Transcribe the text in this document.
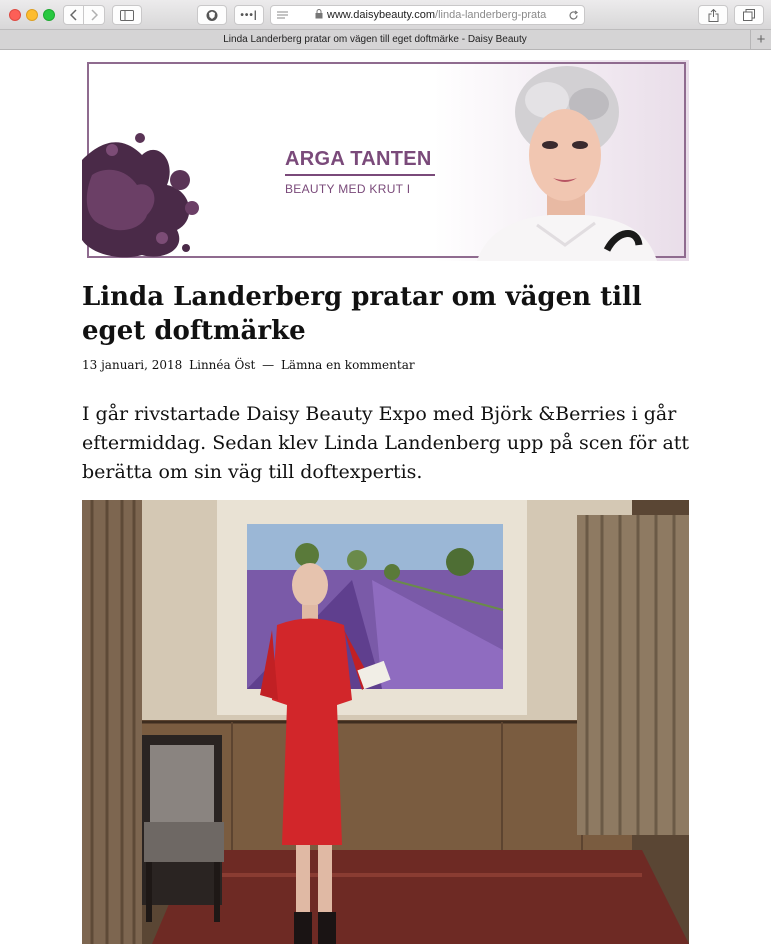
•••|	www.daisybeauty.com/linda-landerberg-prata
Linda Landerberg pratar om vägen till eget doftmärke - Daisy Beauty	+
ARGA TANTEN
BEAUTY MED KRUT I
Linda Landerberg pratar om vägen till eget doftmärke
13 januari, 2018 Linnéa Öst — Lämna en kommentar

I går rivstartade Daisy Beauty Expo med Björk &Berries i går eftermiddag. Sedan klev Linda Landenberg upp på scen för att berätta om sin väg till doftexpertis.
